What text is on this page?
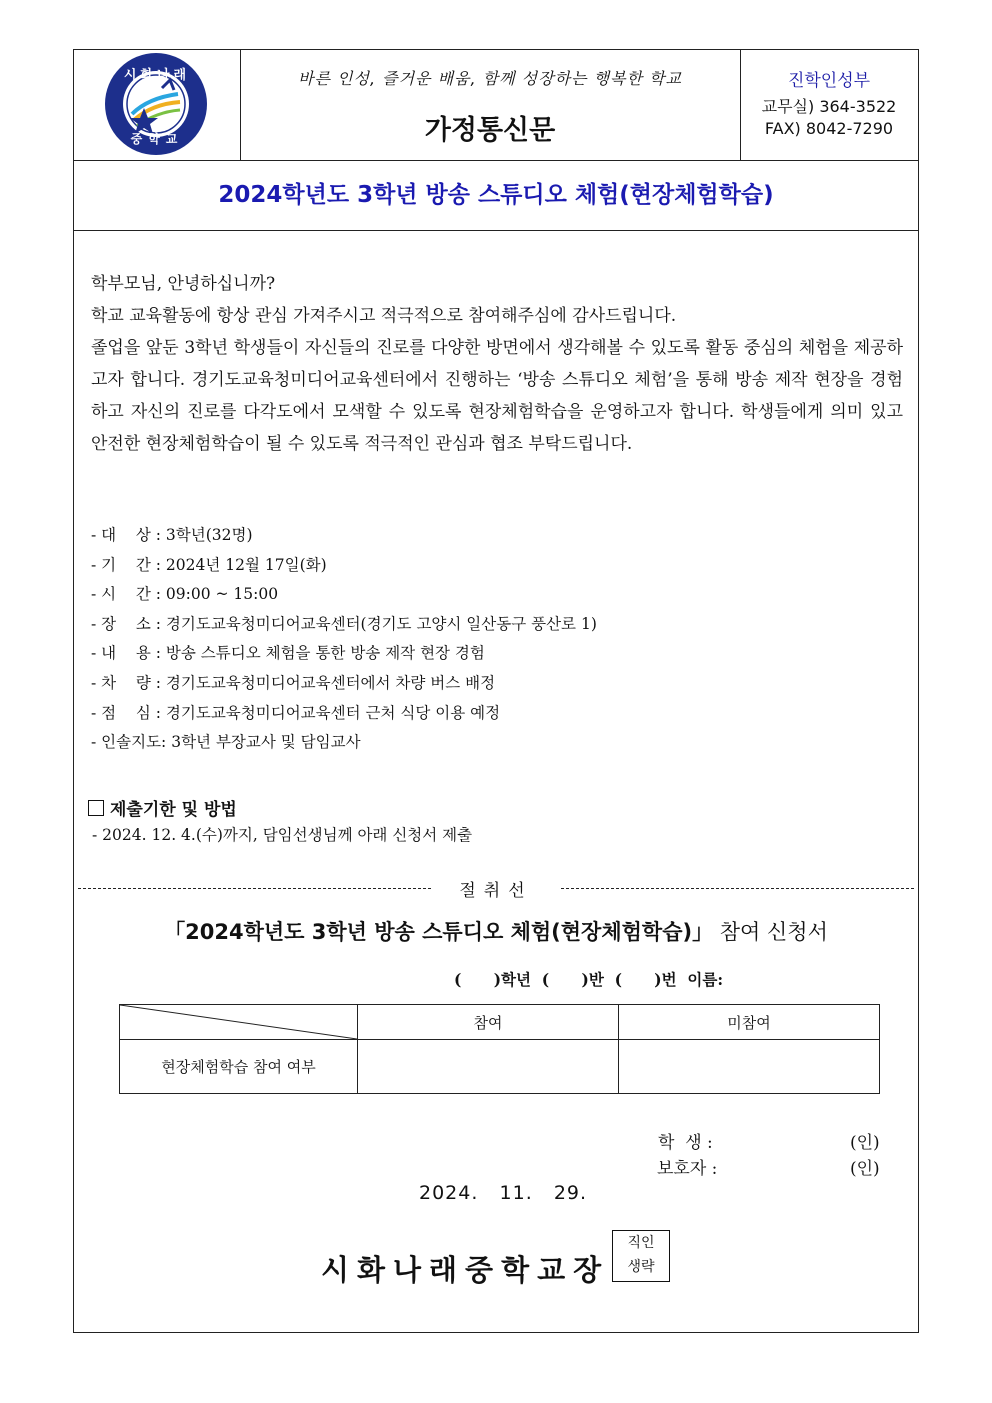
시화나래
중학교
바른 인성, 즐거운 배움, 함께 성장하는 행복한 학교
가정통신문
진학인성부
교무실) 364-3522
FAX) 8042-7290
2024학년도 3학년 방송 스튜디오 체험(현장체험학습)

학부모님, 안녕하십니까?

학교 교육활동에 항상 관심 가져주시고 적극적으로 참여해주심에 감사드립니다.

졸업을 앞둔 3학년 학생들이 자신들의 진로를 다양한 방면에서 생각해볼 수 있도록 활동 중심의 체험을 제공하고자 합니다. 경기도교육청미디어교육센터에서 진행하는 ‘방송 스튜디오 체험’을 통해 방송 제작 현장을 경험하고 자신의 진로를 다각도에서 모색할 수 있도록 현장체험학습을 운영하고자 합니다. 학생들에게 의미 있고 안전한 현장체험학습이 될 수 있도록 적극적인 관심과 협조 부탁드립니다.

- 대    상 : 3학년(32명)
- 기    간 : 2024년 12월 17일(화)
- 시    간 : 09:00 ~ 15:00
- 장    소 : 경기도교육청미디어교육센터(경기도 고양시 일산동구 풍산로 1)
- 내    용 : 방송 스튜디오 체험을 통한 방송 제작 현장 경험
- 차    량 : 경기도교육청미디어교육센터에서 차량 버스 배정
- 점    심 : 경기도교육청미디어교육센터 근처 식당 이용 예정
- 인솔지도: 3학년 부장교사 및 담임교사
제출기한 및 방법
- 2024. 12. 4.(수)까지, 담임선생님께 아래 신청서 제출
절취선
「2024학년도 3학년 방송 스튜디오 체험(현장체험학습)」 참여 신청서
(      )학년  (      )반  (      )번  이름:
	참여	미참여
현장체험학습 참여 여부		
학  생 :	(인)
보호자 :	(인)
2024.   11.   29.
시화나래중학교장
직인
생략
